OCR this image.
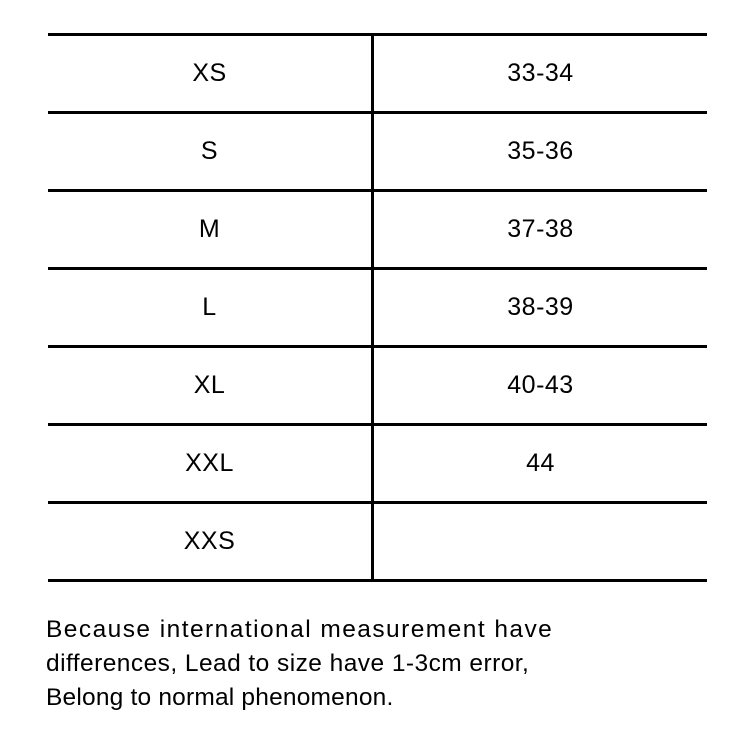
XS	33-34
S	35-36
M	37-38
L	38-39
XL	40-43
XXL	44
XXS	
Because international measurement have
differences, Lead to size have 1-3cm error,
Belong to normal phenomenon.
